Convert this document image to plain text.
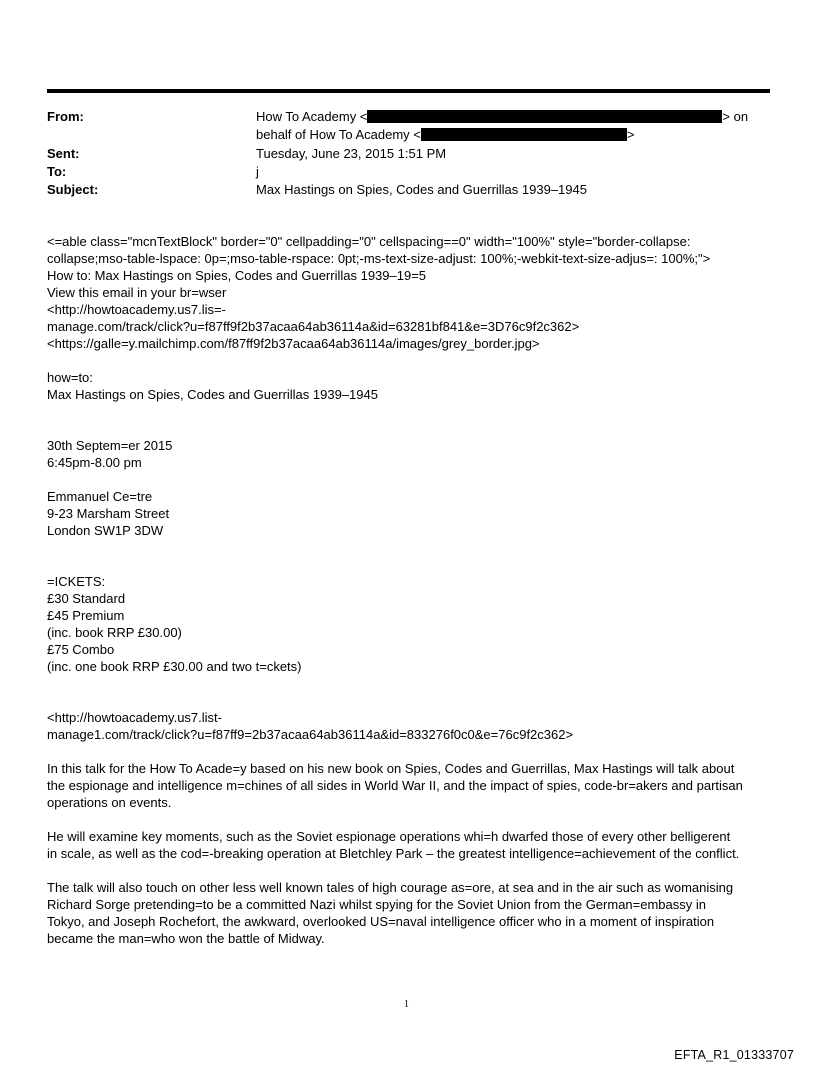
From:	How To Academy <	> on
behalf of How To Academy <	>
Sent:	Tuesday, June 23, 2015 1:51 PM
To:	j
Subject:	Max Hastings on Spies, Codes and Guerrillas 1939–1945

<=able class="mcnTextBlock" border="0" cellpadding="0" cellspacing==0" width="100%" style="border-collapse:

collapse;mso-table-lspace: 0p=;mso-table-rspace: 0pt;-ms-text-size-adjust: 100%;-webkit-text-size-adjus=: 100%;">

How to: Max Hastings on Spies, Codes and Guerrillas 1939–19=5

View this email in your br=wser

<http://howtoacademy.us7.lis=-

manage.com/track/click?u=f87ff9f2b37acaa64ab36114a&id=63281bf841&e=3D76c9f2c362>

<https://galle=y.mailchimp.com/f87ff9f2b37acaa64ab36114a/images/grey_border.jpg>

how=to:

Max Hastings on Spies, Codes and Guerrillas 1939–1945

30th Septem=er 2015

6:45pm-8.00 pm

Emmanuel Ce=tre

9-23 Marsham Street

London SW1P 3DW

=ICKETS:

£30 Standard

£45 Premium

(inc. book RRP £30.00)

£75 Combo

(inc. one book RRP £30.00 and two t=ckets)

<http://howtoacademy.us7.list-

manage1.com/track/click?u=f87ff9=2b37acaa64ab36114a&id=833276f0c0&e=76c9f2c362>

In this talk for the How To Acade=y based on his new book on Spies, Codes and Guerrillas, Max Hastings will talk about

the espionage and intelligence m=chines of all sides in World War II, and the impact of spies, code-br=akers and partisan

operations on events.

He will examine key moments, such as the Soviet espionage operations whi=h dwarfed those of every other belligerent

in scale, as well as the cod=-breaking operation at Bletchley Park – the greatest intelligence=achievement of the conflict.

The talk will also touch on other less well known tales of high courage as=ore, at sea and in the air such as womanising

Richard Sorge pretending=to be a committed Nazi whilst spying for the Soviet Union from the German=embassy in

Tokyo, and Joseph Rochefort, the awkward, overlooked US=naval intelligence officer who in a moment of inspiration

became the man=who won the battle of Midway.

1
EFTA_R1_01333707
